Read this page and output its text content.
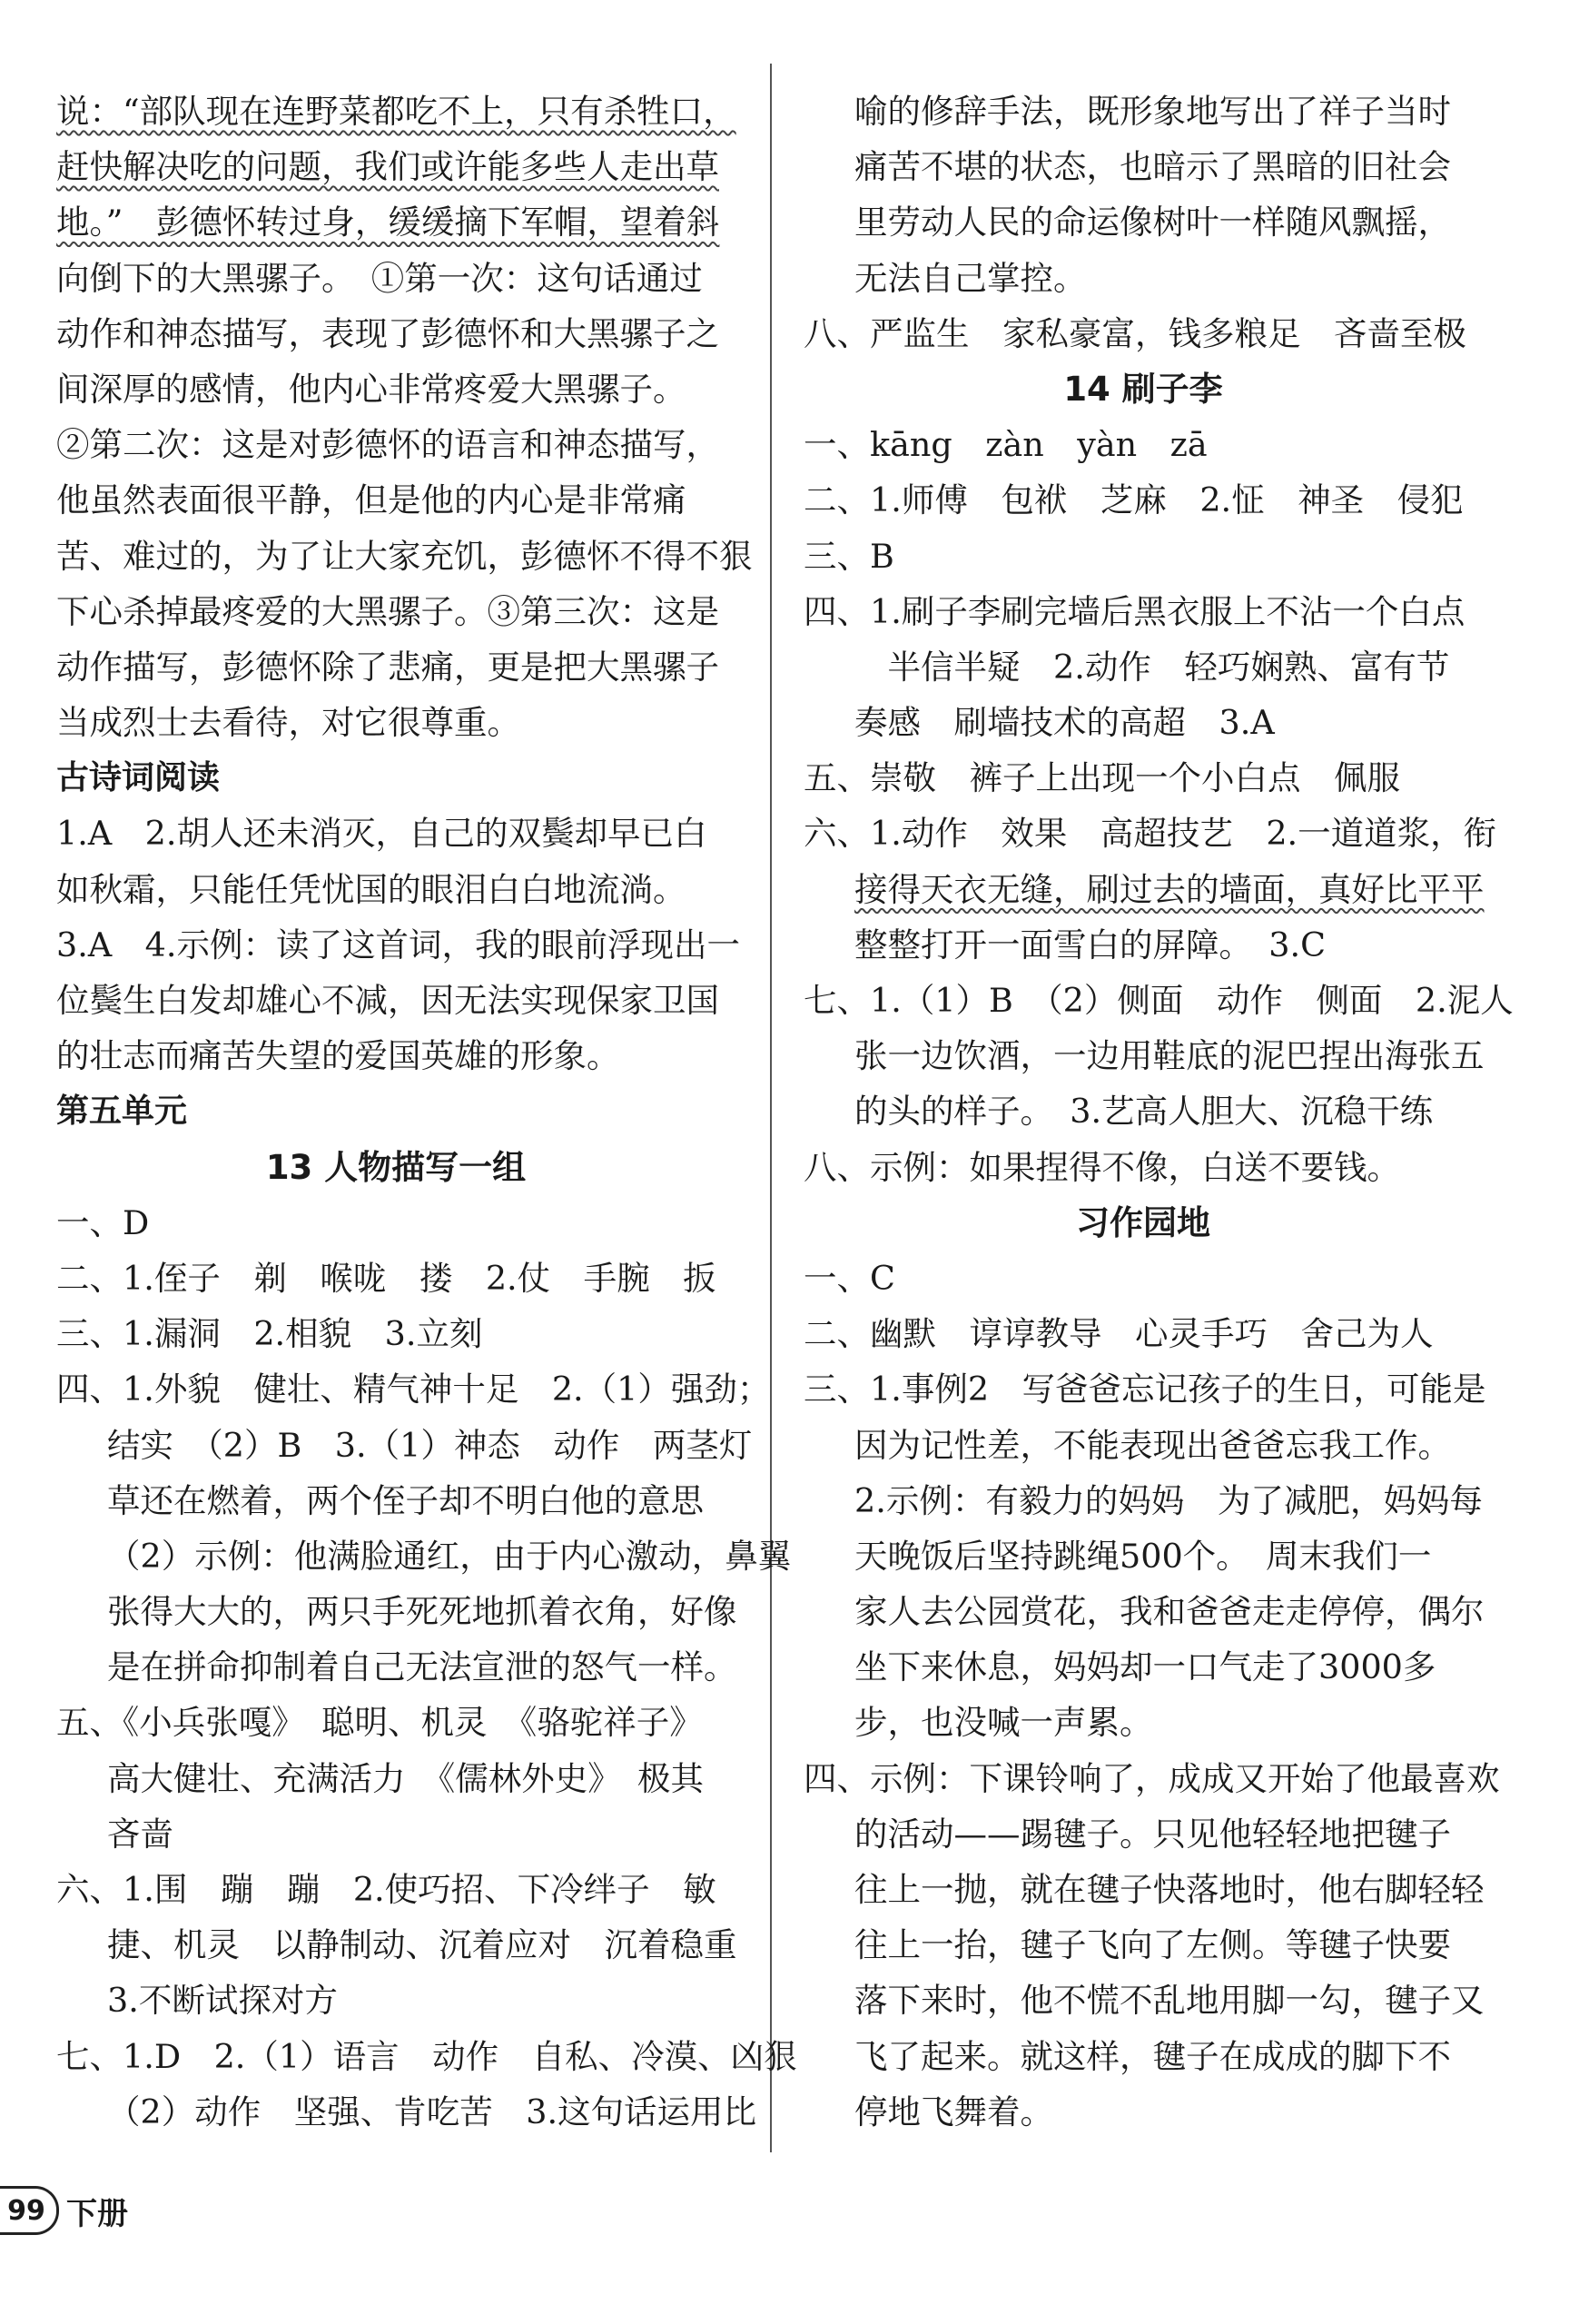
说：“部队现在连野菜都吃不上，只有杀牲口，
赶快解决吃的问题，我们或许能多些人走出草
地。”　彭德怀转过身，缓缓摘下军帽，望着斜
向倒下的大黑骡子。　①第一次：这句话通过
动作和神态描写，表现了彭德怀和大黑骡子之
间深厚的感情，他内心非常疼爱大黑骡子。
②第二次：这是对彭德怀的语言和神态描写，
他虽然表面很平静，但是他的内心是非常痛
苦、难过的，为了让大家充饥，彭德怀不得不狠
下心杀掉最疼爱的大黑骡子。③第三次：这是
动作描写，彭德怀除了悲痛，更是把大黑骡子
当成烈士去看待，对它很尊重。
古诗词阅读
1.A　2.胡人还未消灭，自己的双鬓却早已白
如秋霜，只能任凭忧国的眼泪白白地流淌。
3.A　4.示例：读了这首词，我的眼前浮现出一
位鬓生白发却雄心不减，因无法实现保家卫国
的壮志而痛苦失望的爱国英雄的形象。
第五单元
13 人物描写一组
一、D
二、1.侄子　剃　喉咙　搂　2.仗　手腕　扳
三、1.漏洞　2.相貌　3.立刻
四、1.外貌　健壮、精气神十足　2.（1）强劲；
结实　（2）B　3.（1）神态　动作　两茎灯
草还在燃着，两个侄子却不明白他的意思
（2）示例：他满脸通红，由于内心激动，鼻翼
张得大大的，两只手死死地抓着衣角，好像
是在拼命抑制着自己无法宣泄的怒气一样。
五、《小兵张嘎》　聪明、机灵　《骆驼祥子》
高大健壮、充满活力　《儒林外史》　极其
吝啬
六、1.围　蹦　蹦　2.使巧招、下冷绊子　敏
捷、机灵　以静制动、沉着应对　沉着稳重
3.不断试探对方
七、1.D　2.（1）语言　动作　自私、冷漠、凶狠
（2）动作　坚强、肯吃苦　3.这句话运用比
喻的修辞手法，既形象地写出了祥子当时
痛苦不堪的状态，也暗示了黑暗的旧社会
里劳动人民的命运像树叶一样随风飘摇，
无法自己掌控。
八、严监生　家私豪富，钱多粮足　吝啬至极
14 刷子李
一、kāng　zàn　yàn　zā
二、1.师傅　包袱　芝麻　2.怔　神圣　侵犯
三、B
四、1.刷子李刷完墙后黑衣服上不沾一个白点
　半信半疑　2.动作　轻巧娴熟、富有节
奏感　刷墙技术的高超　3.A
五、崇敬　裤子上出现一个小白点　佩服
六、1.动作　效果　高超技艺　2.一道道浆，衔
接得天衣无缝，刷过去的墙面，真好比平平
整整打开一面雪白的屏障。　3.C
七、1.（1）B　（2）侧面　动作　侧面　2.泥人
张一边饮酒，一边用鞋底的泥巴捏出海张五
的头的样子。　3.艺高人胆大、沉稳干练
八、示例：如果捏得不像，白送不要钱。
习作园地
一、C
二、幽默　谆谆教导　心灵手巧　舍己为人
三、1.事例2　写爸爸忘记孩子的生日，可能是
因为记性差，不能表现出爸爸忘我工作。
2.示例：有毅力的妈妈　为了减肥，妈妈每
天晚饭后坚持跳绳500个。　周末我们一
家人去公园赏花，我和爸爸走走停停，偶尔
坐下来休息，妈妈却一口气走了3000多
步，也没喊一声累。
四、示例：下课铃响了，成成又开始了他最喜欢
的活动——踢毽子。只见他轻轻地把毽子
往上一抛，就在毽子快落地时，他右脚轻轻
往上一抬，毽子飞向了左侧。等毽子快要
落下来时，他不慌不乱地用脚一勾，毽子又
飞了起来。就这样，毽子在成成的脚下不
停地飞舞着。
99 下册
